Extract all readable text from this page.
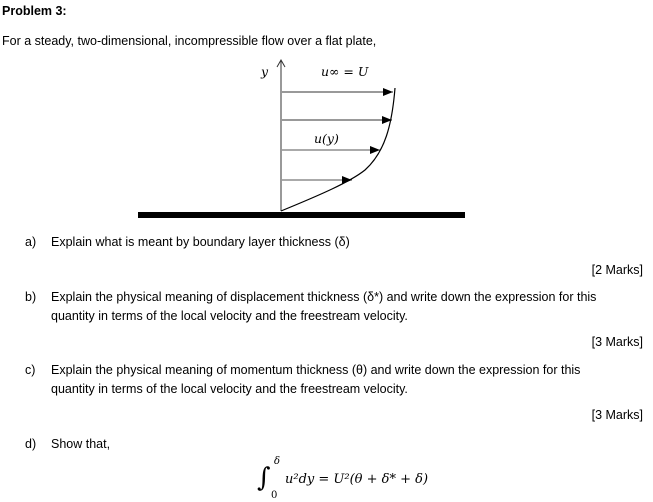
Problem 3:
For a steady, two-dimensional, incompressible flow over a flat plate,
y	u∞ = U
u(y)
a) Explain what is meant by boundary layer thickness (δ)
[2 Marks]
b) Explain the physical meaning of displacement thickness (δ*) and write down the expression for this
quantity in terms of the local velocity and the freestream velocity.
[3 Marks]
c) Explain the physical meaning of momentum thickness (θ) and write down the expression for this
quantity in terms of the local velocity and the freestream velocity.
[3 Marks]
d) Show that,
∫
δ
0
u²dy = U²(θ + δ* + δ)
